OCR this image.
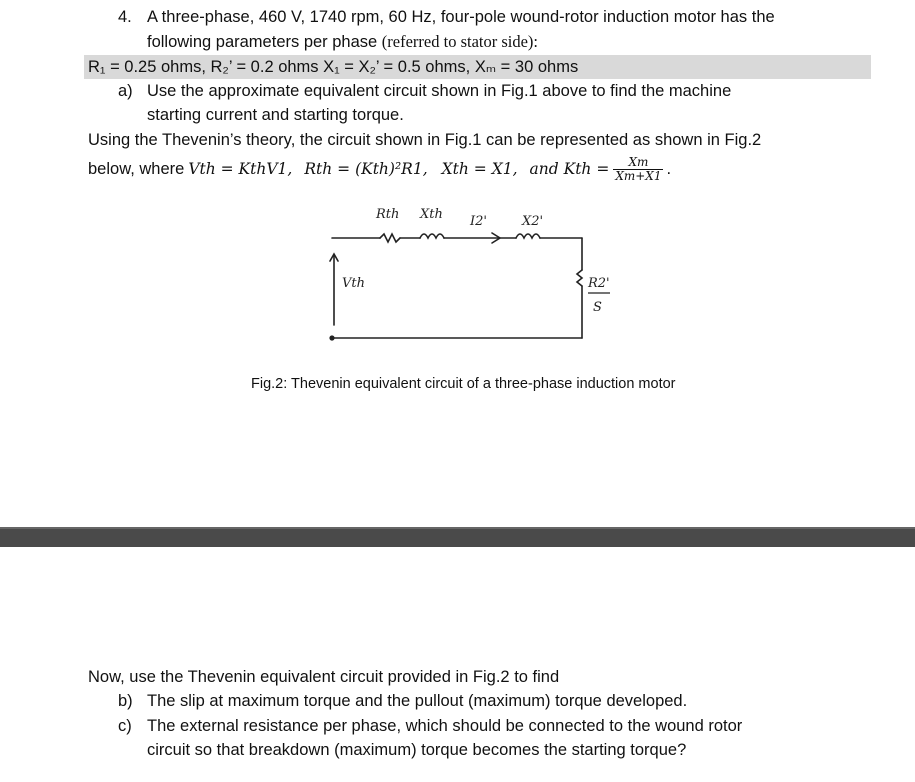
4. A three-phase, 460 V, 1740 rpm, 60 Hz, four-pole wound-rotor induction motor has the
following parameters per phase (referred to stator side):
R₁ = 0.25 ohms, R₂’ = 0.2 ohms X₁ = X₂’ = 0.5 ohms, Xₘ = 30 ohms
a) Use the approximate equivalent circuit shown in Fig.1 above to find the machine
starting current and starting torque.
Using the Thevenin’s theory, the circuit shown in Fig.1 can be represented as shown in Fig.2
below, where Vth = KthV1, Rth = (Kth)²R1, Xth = X1, and Kth = $\frac{Xm}{Xm+X1}$ .
Rth Xth I2'	X2'
Vth	R2'
S
Fig.2: Thevenin equivalent circuit of a three-phase induction motor
Now, use the Thevenin equivalent circuit provided in Fig.2 to find
b) The slip at maximum torque and the pullout (maximum) torque developed.
c) The external resistance per phase, which should be connected to the wound rotor
circuit so that breakdown (maximum) torque becomes the starting torque?
